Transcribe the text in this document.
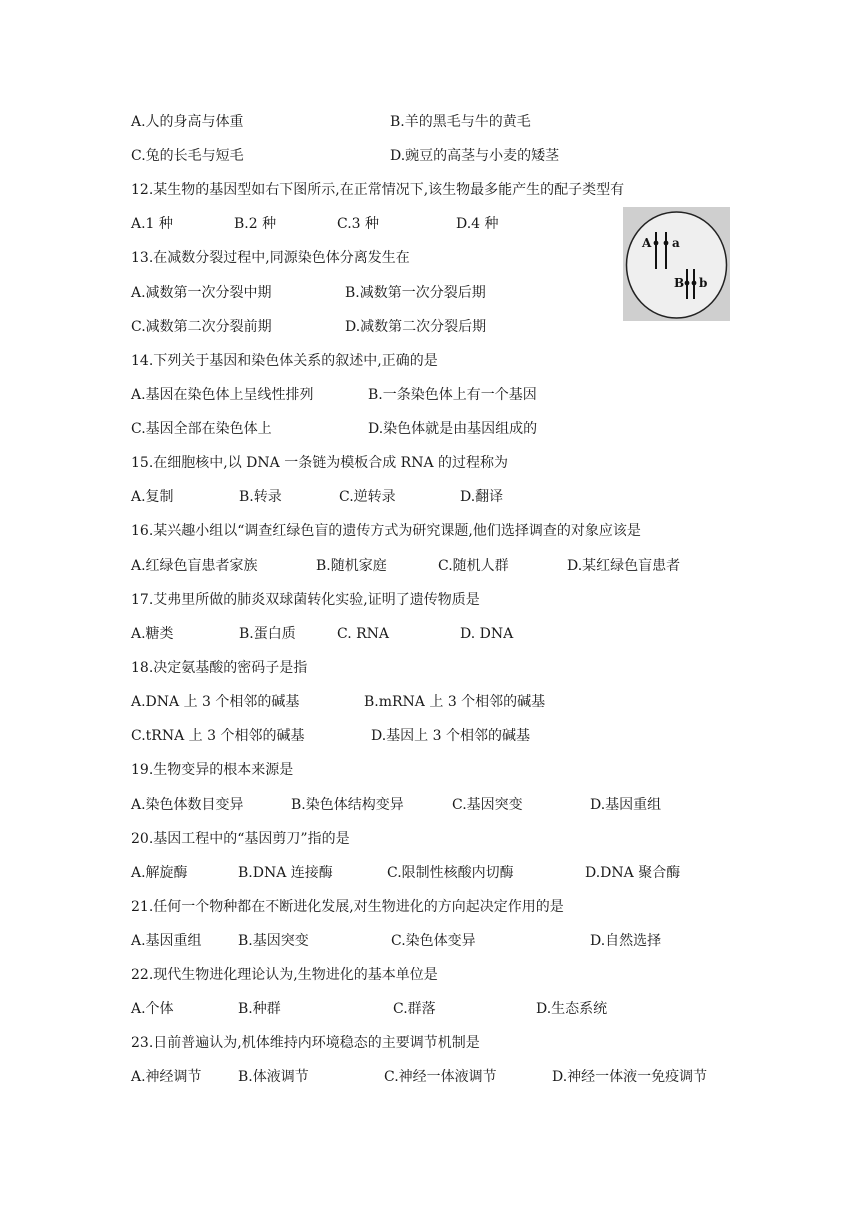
A.人的身高与体重	B.羊的黑毛与牛的黄毛
C.兔的长毛与短毛	D.豌豆的高茎与小麦的矮茎
12.某生物的基因型如右下图所示,在正常情况下,该生物最多能产生的配子类型有
A.1 种	B.2 种	C.3 种	D.4 种
A a
B b
13.在减数分裂过程中,同源染色体分离发生在
A.减数第一次分裂中期	B.减数第一次分裂后期
C.减数第二次分裂前期	D.减数第二次分裂后期
14.下列关于基因和染色体关系的叙述中,正确的是
A.基因在染色体上呈线性排列	B.一条染色体上有一个基因
C.基因全部在染色体上	D.染色体就是由基因组成的
15.在细胞核中,以 DNA 一条链为模板合成 RNA 的过程称为
A.复制	B.转录	C.逆转录	D.翻译
16.某兴趣小组以“调查红绿色盲的遗传方式为研究课题,他们选择调查的对象应该是
A.红绿色盲患者家族	B.随机家庭	C.随机人群	D.某红绿色盲患者
17.艾弗里所做的肺炎双球菌转化实验,证明了遗传物质是
A.糖类	B.蛋白质	C. RNA	D. DNA
18.决定氨基酸的密码子是指
A.DNA 上 3 个相邻的碱基	B.mRNA 上 3 个相邻的碱基
C.tRNA 上 3 个相邻的碱基	D.基因上 3 个相邻的碱基
19.生物变异的根本来源是
A.染色体数目变异	B.染色体结构变异	C.基因突变	D.基因重组
20.基因工程中的“基因剪刀”指的是
A.解旋酶	B.DNA 连接酶	C.限制性核酸内切酶	D.DNA 聚合酶
21.任何一个物种都在不断进化发展,对生物进化的方向起决定作用的是
A.基因重组	B.基因突变	C.染色体变异	D.自然选择
22.现代生物进化理论认为,生物进化的基本单位是
A.个体	B.种群	C.群落	D.生态系统
23.日前普遍认为,机体维持内环境稳态的主要调节机制是
A.神经调节	B.体液调节	C.神经一体液调节	D.神经一体液一免疫调节
